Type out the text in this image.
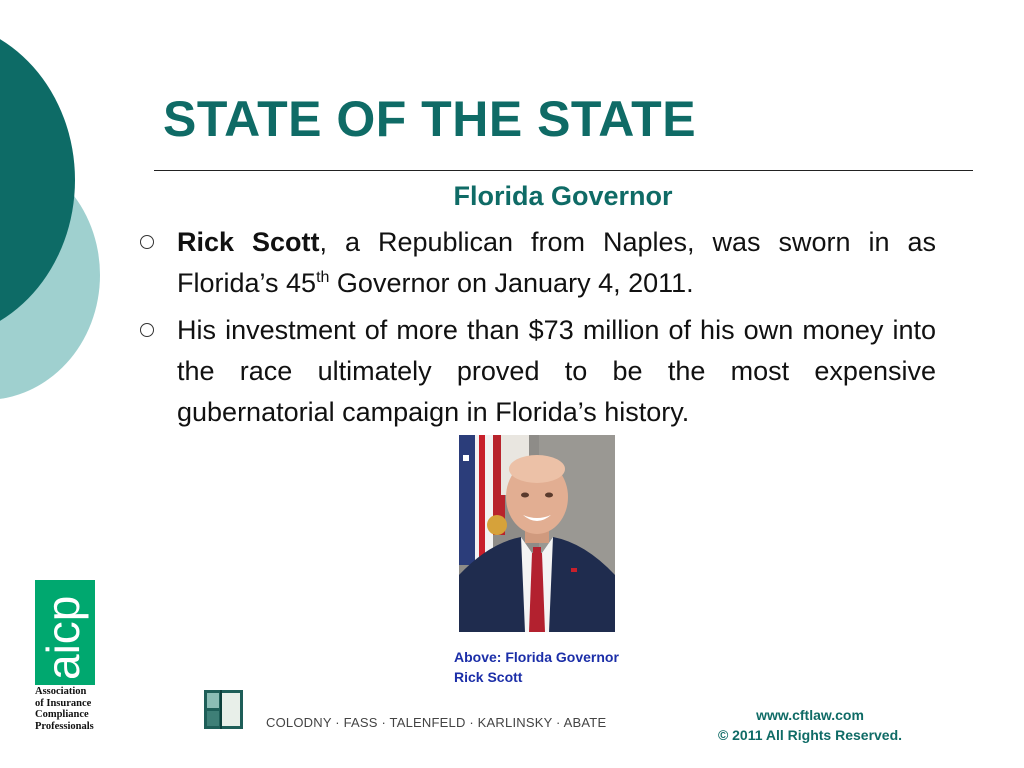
STATE OF THE STATE
Florida Governor
Rick Scott, a Republican from Naples, was sworn in as Florida’s 45th Governor on January 4, 2011.
His investment of more than $73 million of his own money into the race ultimately proved to be the most expensive gubernatorial campaign in Florida’s history.
Above: Florida Governor
Rick Scott
aicp
Association
of Insurance
Compliance
Professionals	COLODNY · FASS · TALENFELD · KARLINSKY · ABATE	www.cftlaw.com
© 2011 All Rights Reserved.
